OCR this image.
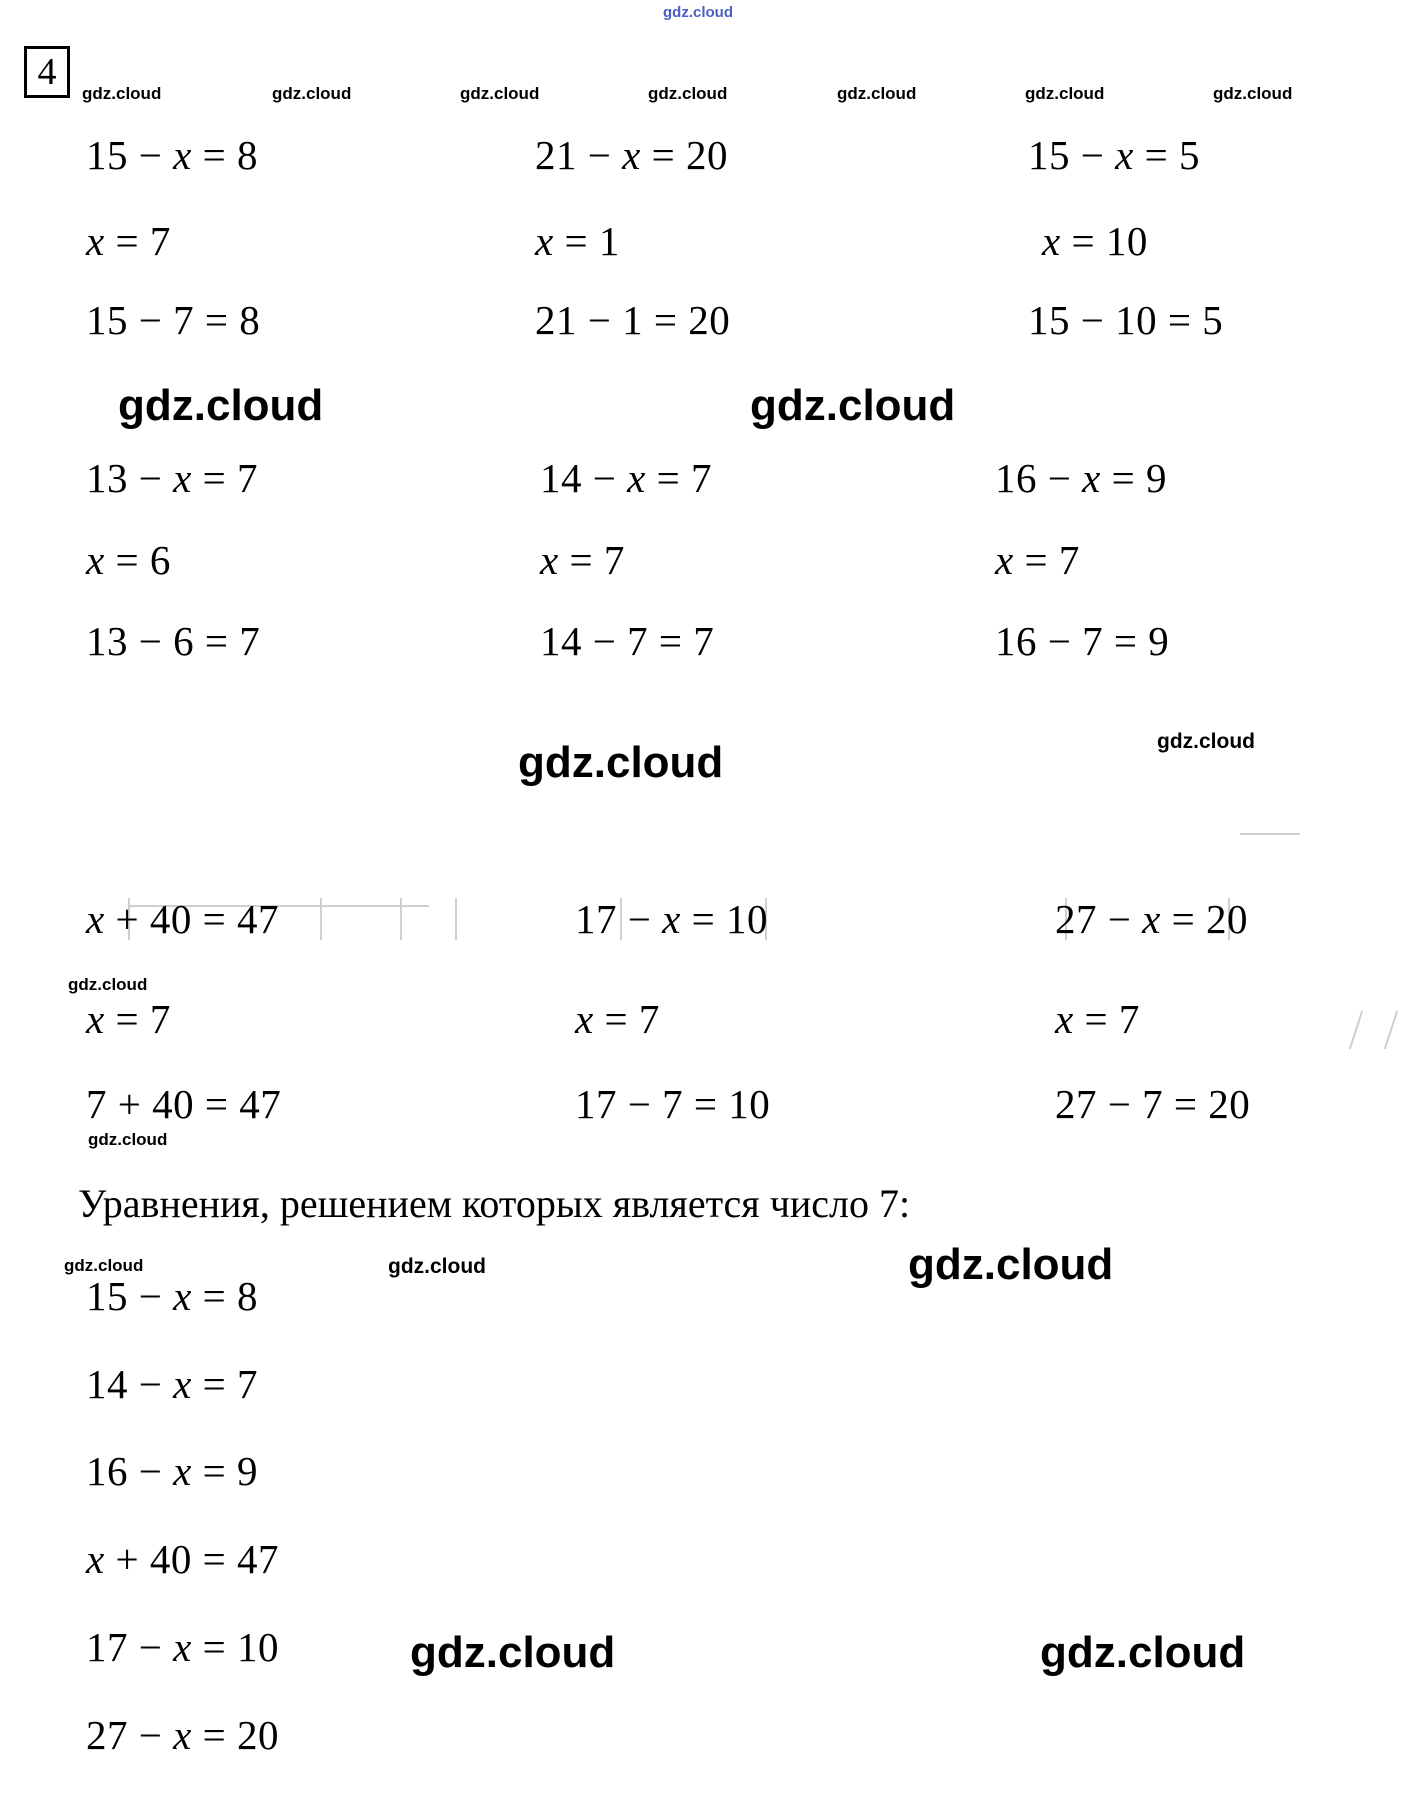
gdz.cloud
4
gdz.cloud	gdz.cloud	gdz.cloud	gdz.cloud	gdz.cloud	gdz.cloud	gdz.cloud
15 − x = 8	21 − x = 20	15 − x = 5
x = 7	x = 1	x = 10
15 − 7 = 8	21 − 1 = 20	15 − 10 = 5
gdz.cloud	gdz.cloud
13 − x = 7	14 − x = 7	16 − x = 9
x = 6	x = 7	x = 7
13 − 6 = 7	14 − 7 = 7	16 − 7 = 9
gdz.cloud	gdz.cloud
x + 40 = 47	17 − x = 10	27 − x = 20
gdz.cloud
x = 7	x = 7	x = 7
7 + 40 = 47	17 − 7 = 10	27 − 7 = 20
gdz.cloud
Уравнения, решением которых является число 7:
gdz.cloud	gdz.cloud	gdz.cloud
15 − x = 8
14 − x = 7
16 − x = 9
x + 40 = 47
17 − x = 10
27 − x = 20
gdz.cloud	gdz.cloud
